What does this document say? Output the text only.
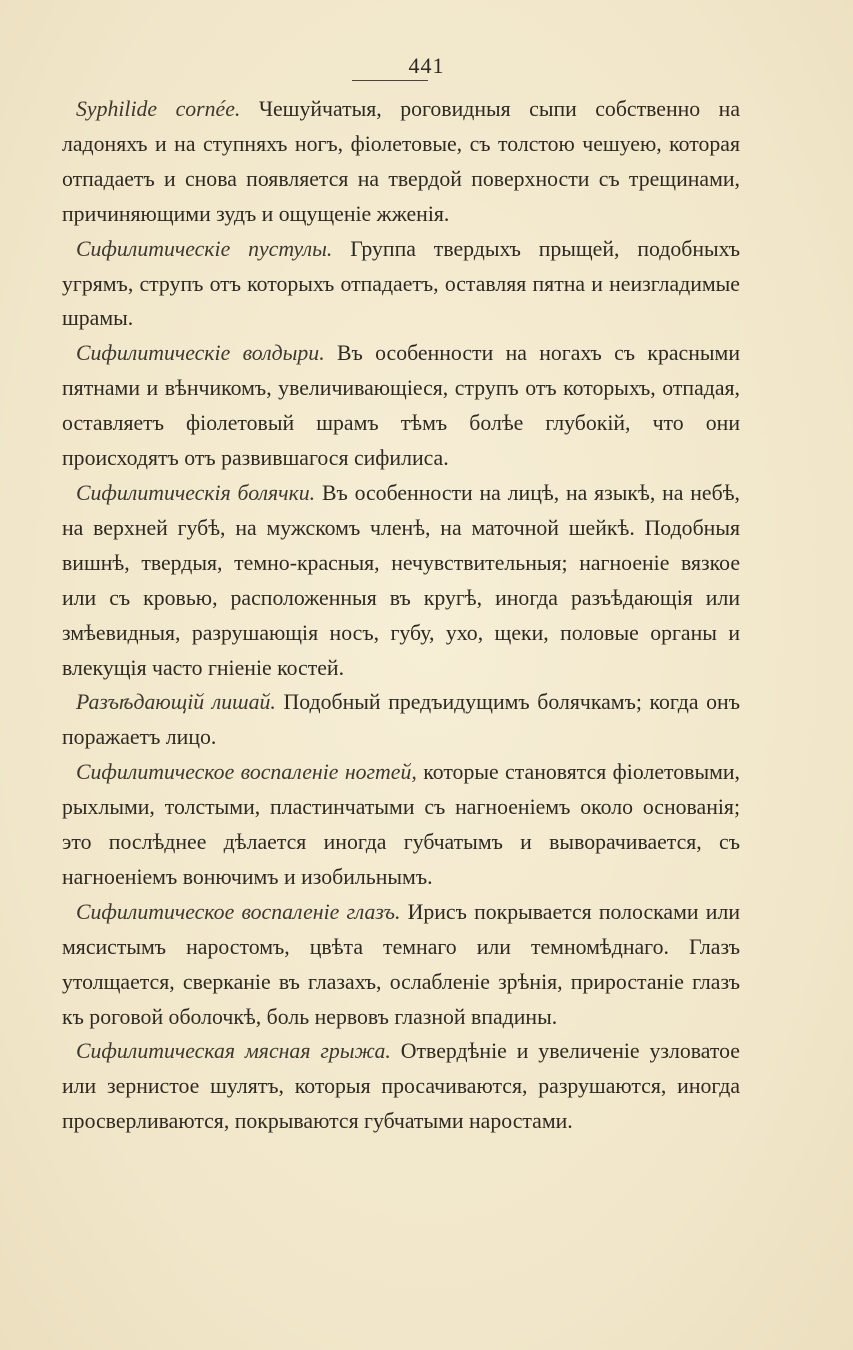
441

Syphilide cornée. Чешуйчатыя, роговидныя сыпи собственно на ладоняхъ и на ступняхъ ногъ, фіолетовые, съ толстою чешуею, которая отпадаетъ и снова появляется на твердой поверхности съ трещинами, причиняющими зудъ и ощущеніе жженія.

Сифилитическіе пустулы. Группа твердыхъ прыщей, подобныхъ угрямъ, струпъ отъ которыхъ отпадаетъ, оставляя пятна и неизгладимые шрамы.

Сифилитическіе волдыри. Въ особенности на ногахъ съ красными пятнами и вѣнчикомъ, увеличивающіеся, струпъ отъ которыхъ, отпадая, оставляетъ фіолетовый шрамъ тѣмъ болѣе глубокій, что они происходятъ отъ развившагося сифилиса.

Сифилитическія болячки. Въ особенности на лицѣ, на языкѣ, на небѣ, на верхней губѣ, на мужскомъ членѣ, на маточной шейкѣ. Подобныя вишнѣ, твердыя, темно-красныя, нечувствительныя; нагноеніе вязкое или съ кровью, расположенныя въ кругѣ, иногда разъѣдающія или змѣевидныя, разрушающія носъ, губу, ухо, щеки, половые органы и влекущія часто гніеніе костей.

Разъѣдающій лишай. Подобный предъидущимъ болячкамъ; когда онъ поражаетъ лицо.

Сифилитическое воспаленіе ногтей, которые становятся фіолетовыми, рыхлыми, толстыми, пластинчатыми съ нагноеніемъ около основанія; это послѣднее дѣлается иногда губчатымъ и выворачивается, съ нагноеніемъ вонючимъ и изобильнымъ.

Сифилитическое воспаленіе глазъ. Ирисъ покрывается полосками или мясистымъ наростомъ, цвѣта темнаго или темномѣднаго. Глазъ утолщается, сверканіе въ глазахъ, ослабленіе зрѣнія, приростаніе глазъ къ роговой оболочкѣ, боль нервовъ глазной впадины.

Сифилитическая мясная грыжа. Отвердѣніе и увеличеніе узловатое или зернистое шулятъ, которыя просачиваются, разрушаются, иногда просверливаются, покрываются губчатыми наростами.
